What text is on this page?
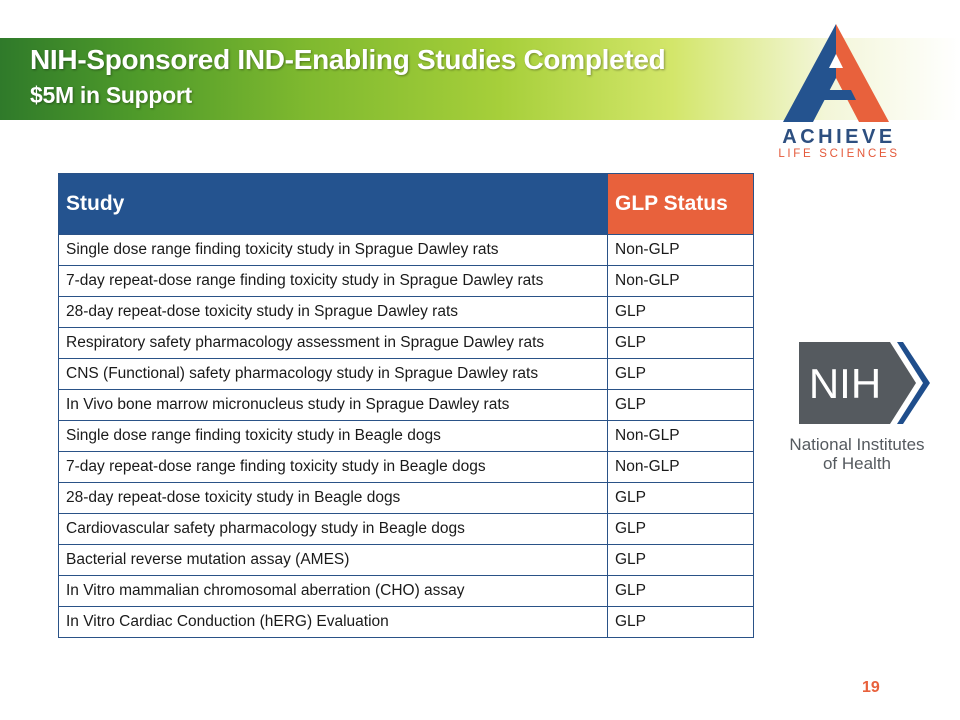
NIH-Sponsored IND-Enabling Studies Completed
$5M in Support
ACHIEVE
LIFE SCIENCES
Study	GLP Status
Single dose range finding toxicity study in Sprague Dawley rats	Non-GLP
7-day repeat-dose range finding toxicity study in Sprague Dawley rats	Non-GLP
28-day repeat-dose toxicity study in Sprague Dawley rats	GLP
Respiratory safety pharmacology assessment in Sprague Dawley rats	GLP
CNS (Functional) safety pharmacology study in Sprague Dawley rats	GLP
In Vivo bone marrow micronucleus study in Sprague Dawley rats	GLP
Single dose range finding toxicity study in Beagle dogs	Non-GLP
7-day repeat-dose range finding toxicity study in Beagle dogs	Non-GLP
28-day repeat-dose toxicity study in Beagle dogs	GLP
Cardiovascular safety pharmacology study in Beagle dogs	GLP
Bacterial reverse mutation assay (AMES)	GLP
In Vitro mammalian chromosomal aberration (CHO) assay	GLP
In Vitro Cardiac Conduction (hERG) Evaluation	GLP
NIH
National Institutes
of Health
19
